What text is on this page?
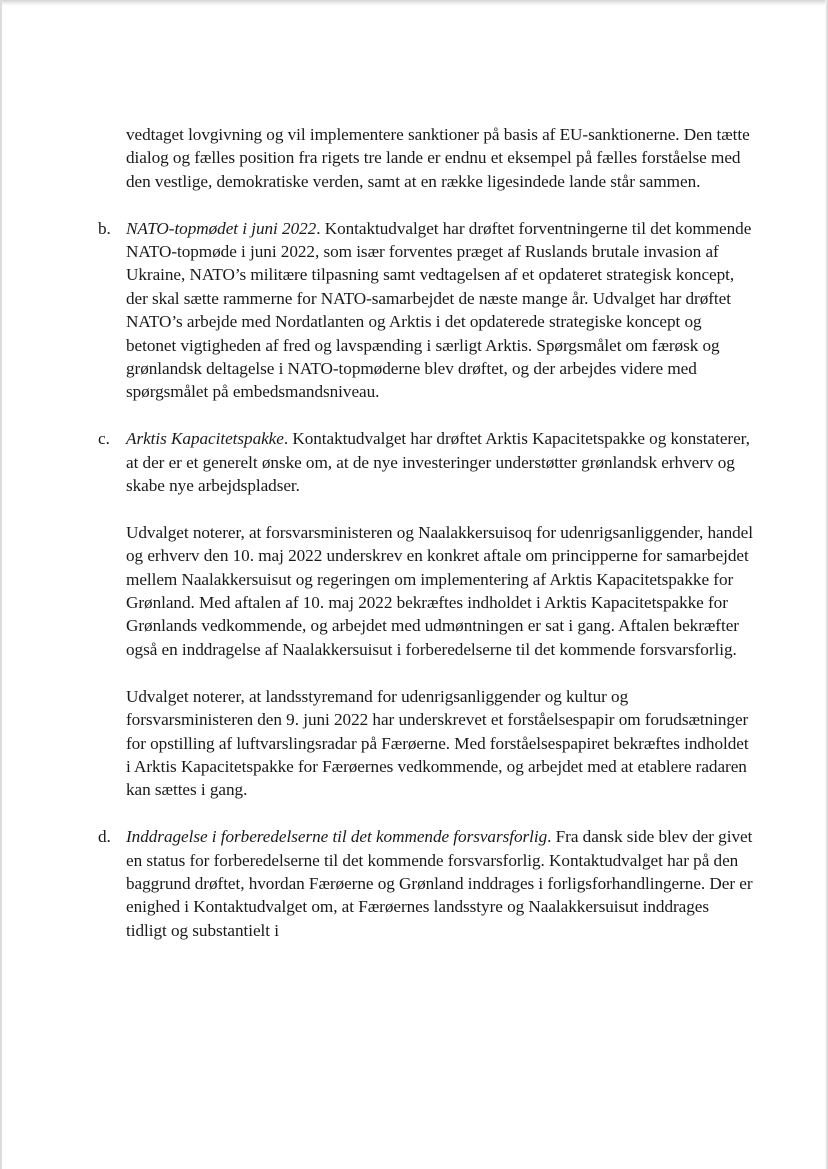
vedtaget lovgivning og vil implementere sanktioner på basis af EU-sanktionerne. Den tætte dialog og fælles position fra rigets tre lande er endnu et eksempel på fælles forståelse med den vestlige, demokratiske verden, samt at en række ligesindede lande står sammen.

b. NATO-topmødet i juni 2022. Kontaktudvalget har drøftet forventningerne til det kommende NATO-topmøde i juni 2022, som især forventes præget af Ruslands brutale invasion af Ukraine, NATO’s militære tilpasning samt vedtagelsen af et opdateret strategisk koncept, der skal sætte rammerne for NATO-samarbejdet de næste mange år. Udvalget har drøftet NATO’s arbejde med Nordatlanten og Arktis i det opdaterede strategiske koncept og betonet vigtigheden af fred og lavspænding i særligt Arktis. Spørgsmålet om færøsk og grønlandsk deltagelse i NATO-topmøderne blev drøftet, og der arbejdes videre med spørgsmålet på embedsmandsniveau.

c. Arktis Kapacitetspakke. Kontaktudvalget har drøftet Arktis Kapacitetspakke og konstaterer, at der er et generelt ønske om, at de nye investeringer understøtter grønlandsk erhverv og skabe nye arbejdspladser.

Udvalget noterer, at forsvarsministeren og Naalakkersuisoq for udenrigsanliggender, handel og erhverv den 10. maj 2022 underskrev en konkret aftale om principperne for samarbejdet mellem Naalakkersuisut og regeringen om implementering af Arktis Kapacitetspakke for Grønland. Med aftalen af 10. maj 2022 bekræftes indholdet i Arktis Kapacitetspakke for Grønlands vedkommende, og arbejdet med udmøntningen er sat i gang. Aftalen bekræfter også en inddragelse af Naalakkersuisut i forberedelserne til det kommende forsvarsforlig.

Udvalget noterer, at landsstyremand for udenrigsanliggender og kultur og forsvarsministeren den 9. juni 2022 har underskrevet et forståelsespapir om forudsætninger for opstilling af luftvarslingsradar på Færøerne. Med forståelsespapiret bekræftes indholdet i Arktis Kapacitetspakke for Færøernes vedkommende, og arbejdet med at etablere radaren kan sættes i gang.

d. Inddragelse i forberedelserne til det kommende forsvarsforlig. Fra dansk side blev der givet en status for forberedelserne til det kommende forsvarsforlig. Kontaktudvalget har på den baggrund drøftet, hvordan Færøerne og Grønland inddrages i forligsforhandlingerne. Der er enighed i Kontaktudvalget om, at Færøernes landsstyre og Naalakkersuisut inddrages tidligt og substantielt i
